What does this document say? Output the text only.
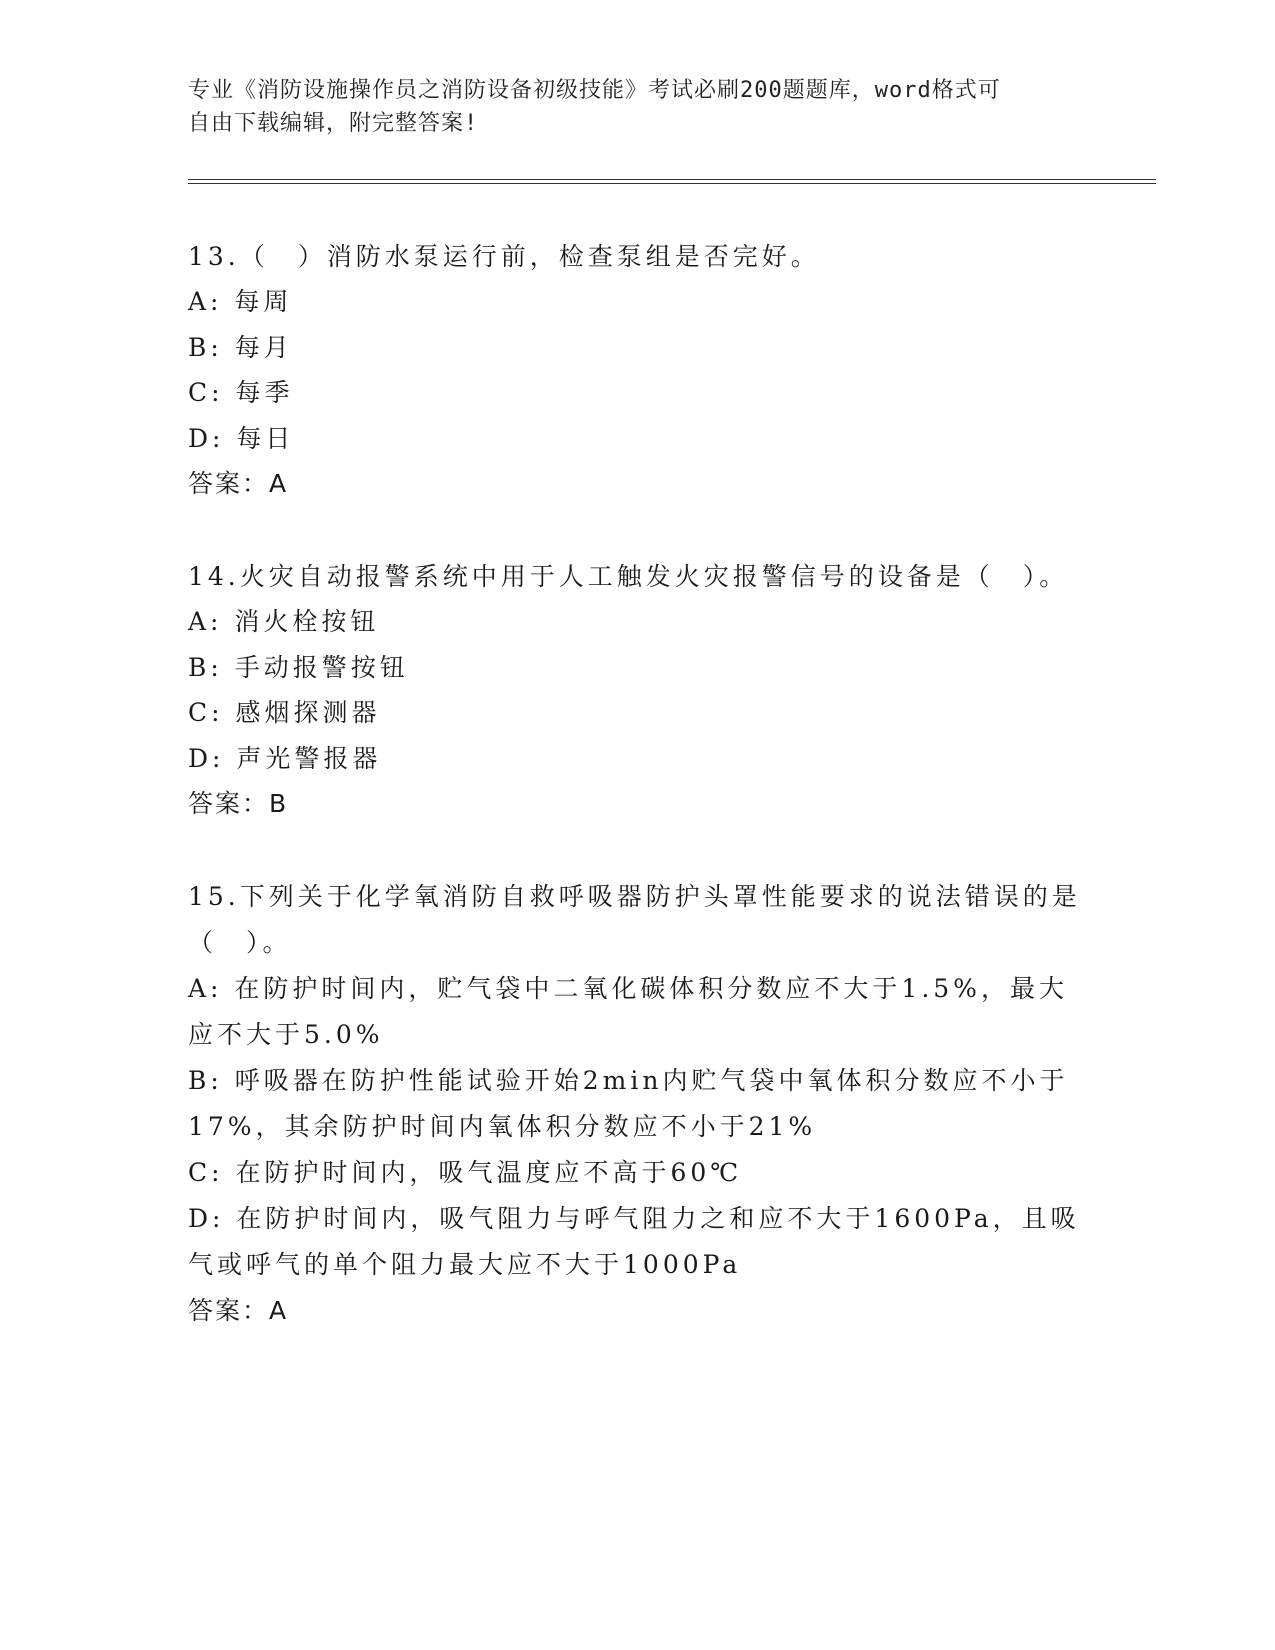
专业《消防设施操作员之消防设备初级技能》考试必刷200题题库，word格式可
自由下载编辑，附完整答案!
13.（　）消防水泵运行前，检查泵组是否完好。
A: 每周
B: 每月
C: 每季
D: 每日
答案：A
14.火灾自动报警系统中用于人工触发火灾报警信号的设备是（　）。
A: 消火栓按钮
B: 手动报警按钮
C: 感烟探测器
D: 声光警报器
答案：B
15.下列关于化学氧消防自救呼吸器防护头罩性能要求的说法错误的是（　）。
A: 在防护时间内，贮气袋中二氧化碳体积分数应不大于1.5%，最大应不大于5.0%
B: 呼吸器在防护性能试验开始2min内贮气袋中氧体积分数应不小于17%，其余防护时间内氧体积分数应不小于21%
C: 在防护时间内，吸气温度应不高于60℃
D: 在防护时间内，吸气阻力与呼气阻力之和应不大于1600Pa，且吸气或呼气的单个阻力最大应不大于1000Pa
答案：A
